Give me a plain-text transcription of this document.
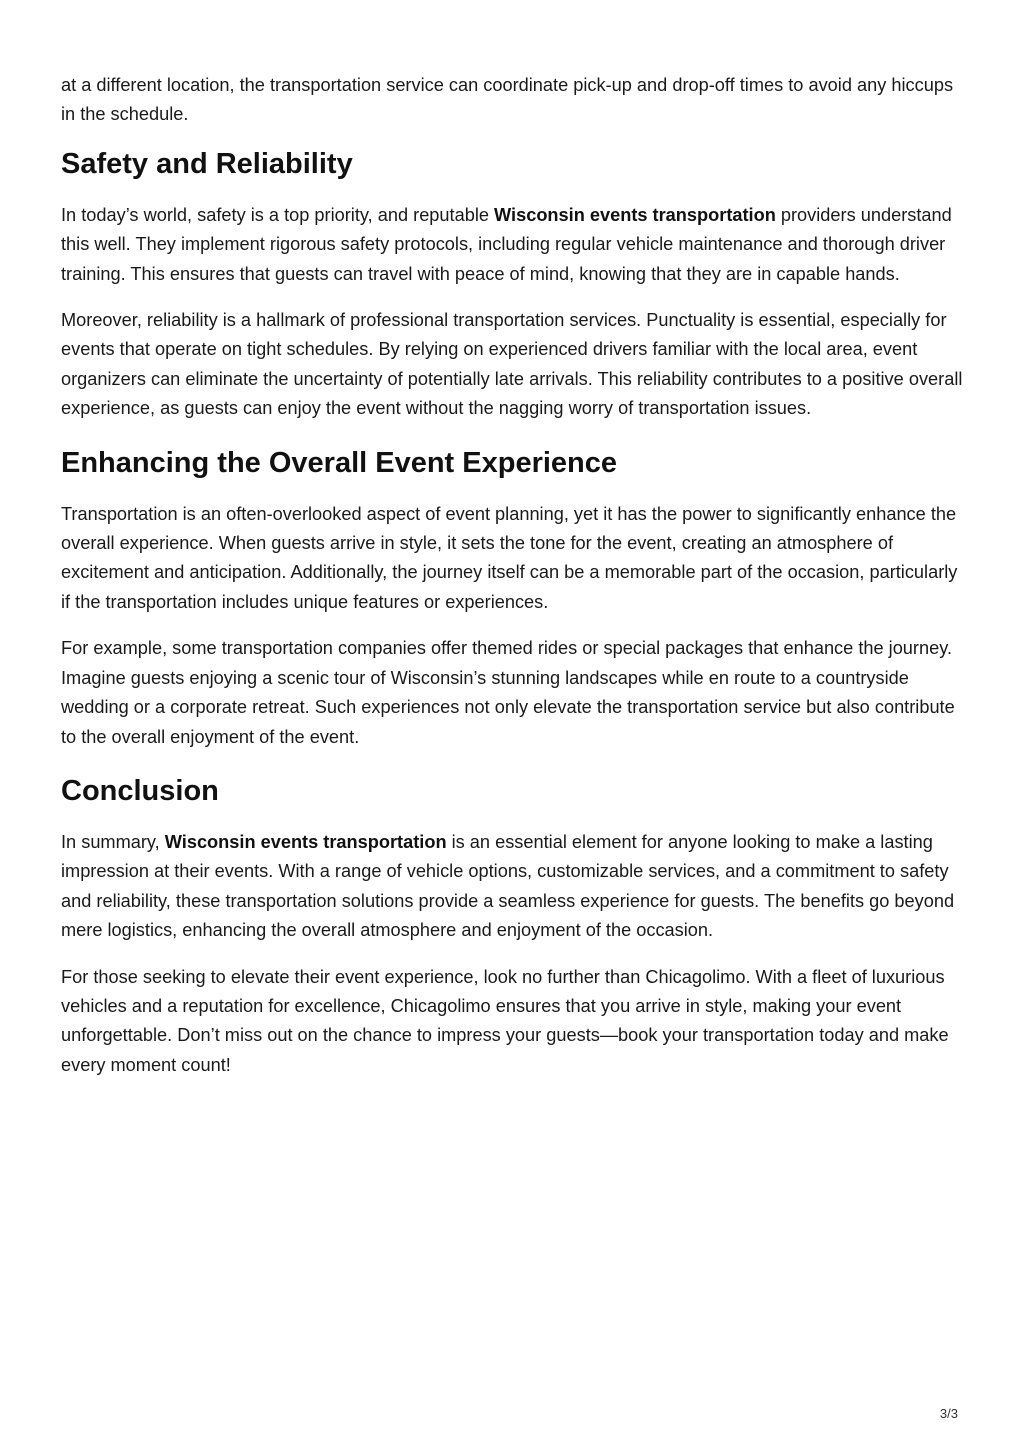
at a different location, the transportation service can coordinate pick-up and drop-off times to avoid any hiccups in the schedule.

Safety and Reliability

In today’s world, safety is a top priority, and reputable Wisconsin events transportation providers understand this well. They implement rigorous safety protocols, including regular vehicle maintenance and thorough driver training. This ensures that guests can travel with peace of mind, knowing that they are in capable hands.

Moreover, reliability is a hallmark of professional transportation services. Punctuality is essential, especially for events that operate on tight schedules. By relying on experienced drivers familiar with the local area, event organizers can eliminate the uncertainty of potentially late arrivals. This reliability contributes to a positive overall experience, as guests can enjoy the event without the nagging worry of transportation issues.

Enhancing the Overall Event Experience

Transportation is an often-overlooked aspect of event planning, yet it has the power to significantly enhance the overall experience. When guests arrive in style, it sets the tone for the event, creating an atmosphere of excitement and anticipation. Additionally, the journey itself can be a memorable part of the occasion, particularly if the transportation includes unique features or experiences.

For example, some transportation companies offer themed rides or special packages that enhance the journey. Imagine guests enjoying a scenic tour of Wisconsin’s stunning landscapes while en route to a countryside wedding or a corporate retreat. Such experiences not only elevate the transportation service but also contribute to the overall enjoyment of the event.

Conclusion

In summary, Wisconsin events transportation is an essential element for anyone looking to make a lasting impression at their events. With a range of vehicle options, customizable services, and a commitment to safety and reliability, these transportation solutions provide a seamless experience for guests. The benefits go beyond mere logistics, enhancing the overall atmosphere and enjoyment of the occasion.

For those seeking to elevate their event experience, look no further than Chicagolimo. With a fleet of luxurious vehicles and a reputation for excellence, Chicagolimo ensures that you arrive in style, making your event unforgettable. Don’t miss out on the chance to impress your guests—book your transportation today and make every moment count!

3/3
